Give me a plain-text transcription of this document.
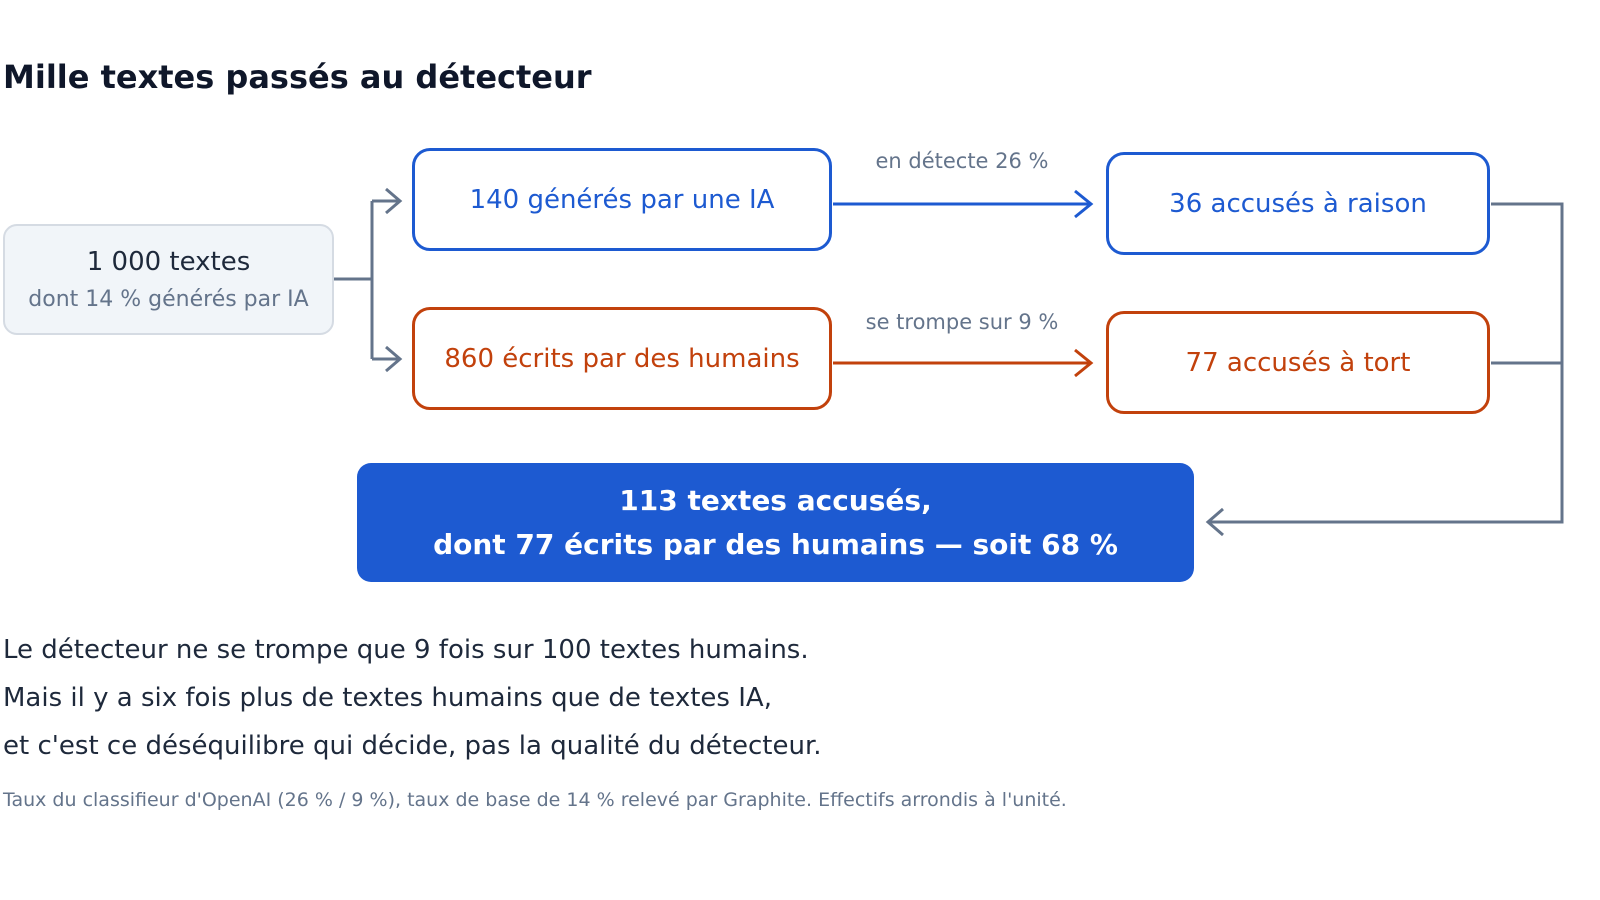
Mille textes passés au détecteur
1 000 textes
dont 14 % générés par IA
140 générés par une IA
860 écrits par des humains
en détecte 26 %
se trompe sur 9 %
36 accusés à raison
77 accusés à tort
113 textes accusés,
dont 77 écrits par des humains — soit 68 %
Le détecteur ne se trompe que 9 fois sur 100 textes humains.
Mais il y a six fois plus de textes humains que de textes IA,
et c'est ce déséquilibre qui décide, pas la qualité du détecteur.
Taux du classifieur d'OpenAI (26 % / 9 %), taux de base de 14 % relevé par Graphite. Effectifs arrondis à l'unité.
